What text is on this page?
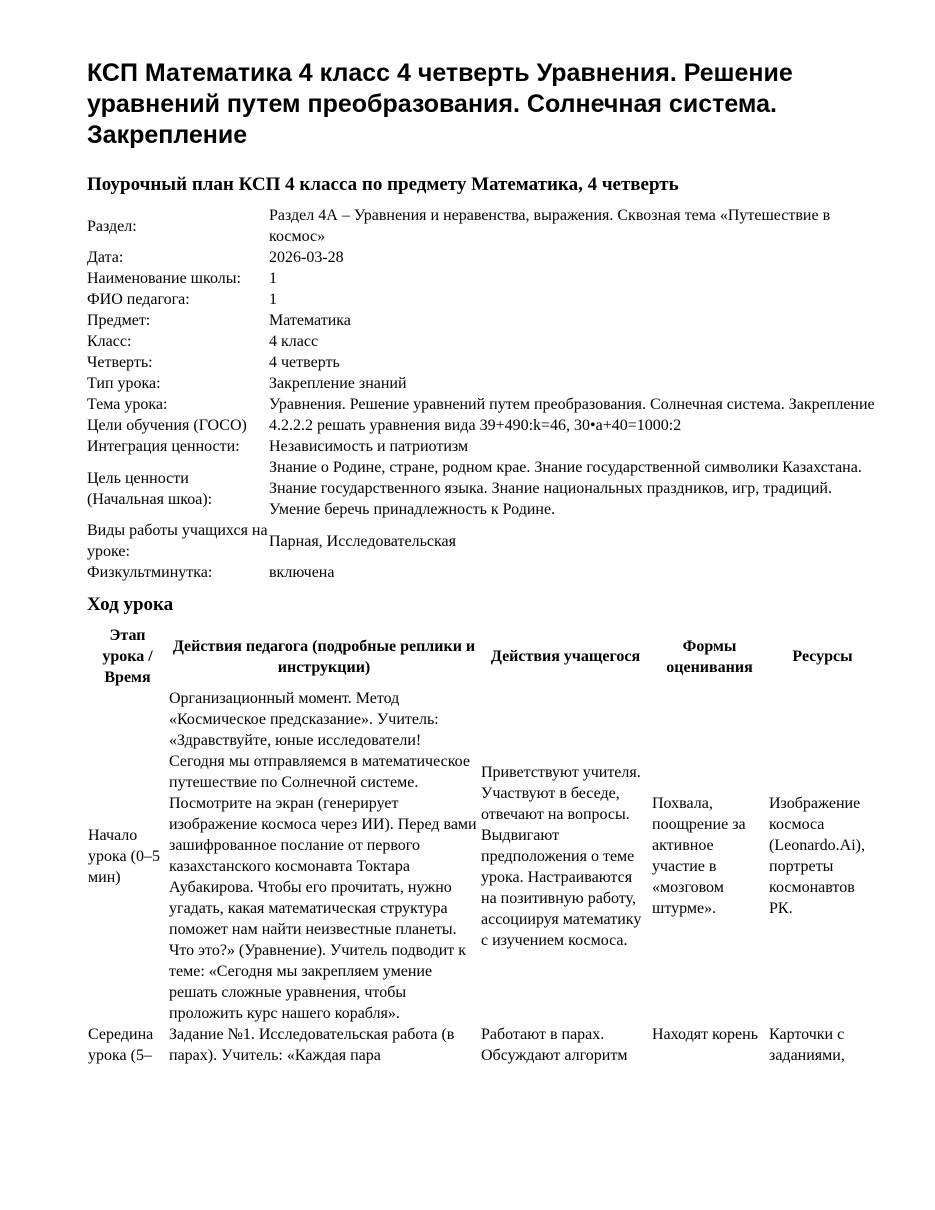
КСП Математика 4 класс 4 четверть Уравнения. Решение уравнений путем преобразования. Солнечная система. Закрепление
Поурочный план КСП 4 класса по предмету Математика, 4 четверть
Раздел:	Раздел 4А – Уравнения и неравенства, выражения. Сквозная тема «Путешествие в космос»
Дата:	2026-03-28
Наименование школы:	1
ФИО педагога:	1
Предмет:	Математика
Класс:	4 класс
Четверть:	4 четверть
Тип урока:	Закрепление знаний
Тема урока:	Уравнения. Решение уравнений путем преобразования. Солнечная система. Закрепление
Цели обучения (ГОСО)	4.2.2.2 решать уравнения вида 39+490:k=46, 30•a+40=1000:2
Интеграция ценности:	Независимость и патриотизм
Цель ценности (Начальная шкоа):	Знание о Родине, стране, родном крае. Знание государственной символики Казахстана. Знание государственного языка. Знание национальных праздников, игр, традиций. Умение беречь принадлежность к Родине.
Виды работы учащихся на уроке:	Парная, Исследовательская
Физкультминутка:	включена
Ход урока
Этап урока / Время	Действия педагога (подробные реплики и инструкции)	Действия учащегося	Формы оценивания	Ресурсы
Начало урока (0–5 мин)	Организационный момент. Метод «Космическое предсказание». Учитель: «Здравствуйте, юные исследователи! Сегодня мы отправляемся в математическое путешествие по Солнечной системе. Посмотрите на экран (генерирует изображение космоса через ИИ). Перед вами зашифрованное послание от первого казахстанского космонавта Токтара Аубакирова. Чтобы его прочитать, нужно угадать, какая математическая структура поможет нам найти неизвестные планеты. Что это?» (Уравнение). Учитель подводит к теме: «Сегодня мы закрепляем умение решать сложные уравнения, чтобы проложить курс нашего корабля».	Приветствуют учителя. Участвуют в беседе, отвечают на вопросы. Выдвигают предположения о теме урока. Настраиваются на позитивную работу, ассоциируя математику с изучением космоса.	Похвала, поощрение за активное участие в «мозговом штурме».	Изображение космоса (Leonardo.Ai), портреты космонавтов РК.
Середина урока (5–	Задание №1. Исследовательская работа (в парах). Учитель: «Каждая пара	Работают в парах. Обсуждают алгоритм	Находят корень	Карточки с заданиями,
